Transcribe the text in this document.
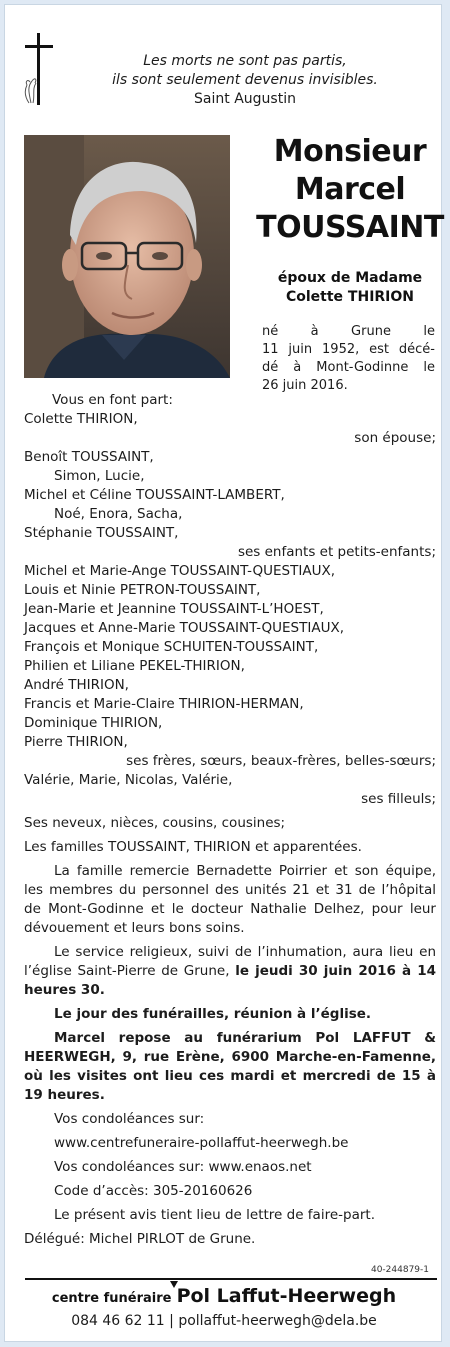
Les morts ne sont pas partis,
ils sont seulement devenus invisibles.
Saint Augustin
Monsieur
Marcel
TOUSSAINT
époux de Madame
Colette THIRION
né à Grune le
11 juin 1952, est décé-
dé à Mont-Godinne le
26 juin 2016.
Vous en font part:
Colette THIRION,
son épouse;
Benoît TOUSSAINT,
Simon, Lucie,
Michel et Céline TOUSSAINT-LAMBERT,
Noé, Enora, Sacha,
Stéphanie TOUSSAINT,
ses enfants et petits-enfants;
Michel et Marie-Ange TOUSSAINT-QUESTIAUX,
Louis et Ninie PETRON-TOUSSAINT,
Jean-Marie et Jeannine TOUSSAINT-L’HOEST,
Jacques et Anne-Marie TOUSSAINT-QUESTIAUX,
François et Monique SCHUITEN-TOUSSAINT,
Philien et Liliane PEKEL-THIRION,
André THIRION,
Francis et Marie-Claire THIRION-HERMAN,
Dominique THIRION,
Pierre THIRION,
ses frères, sœurs, beaux-frères, belles-sœurs;
Valérie, Marie, Nicolas, Valérie,
ses filleuls;
Ses neveux, nièces, cousins, cousines;
Les familles TOUSSAINT, THIRION et apparentées.
La famille remercie Bernadette Poirrier et son équipe, les membres du personnel des unités 21 et 31 de l’hôpital de Mont-Godinne et le docteur Nathalie Delhez, pour leur dévouement et leurs bons soins.
Le service religieux, suivi de l’inhumation, aura lieu en l’église Saint-Pierre de Grune, le jeudi 30 juin 2016 à 14 heures 30.
Le jour des funérailles, réunion à l’église.
Marcel repose au funérarium Pol LAFFUT & HEERWEGH, 9, rue Erène, 6900 Marche-en-Famenne, où les visites ont lieu ces mardi et mercredi de 15 à 19 heures.
Vos condoléances sur:
www.centrefuneraire-pollaffut-heerwegh.be
Vos condoléances sur: www.enaos.net
Code d’accès: 305-20160626
Le présent avis tient lieu de lettre de faire-part.
Délégué: Michel PIRLOT de Grune.
40-244879-1
centre funéraire Pol Laffut-Heerwegh
084 46 62 11 | pollaffut-heerwegh@dela.be
